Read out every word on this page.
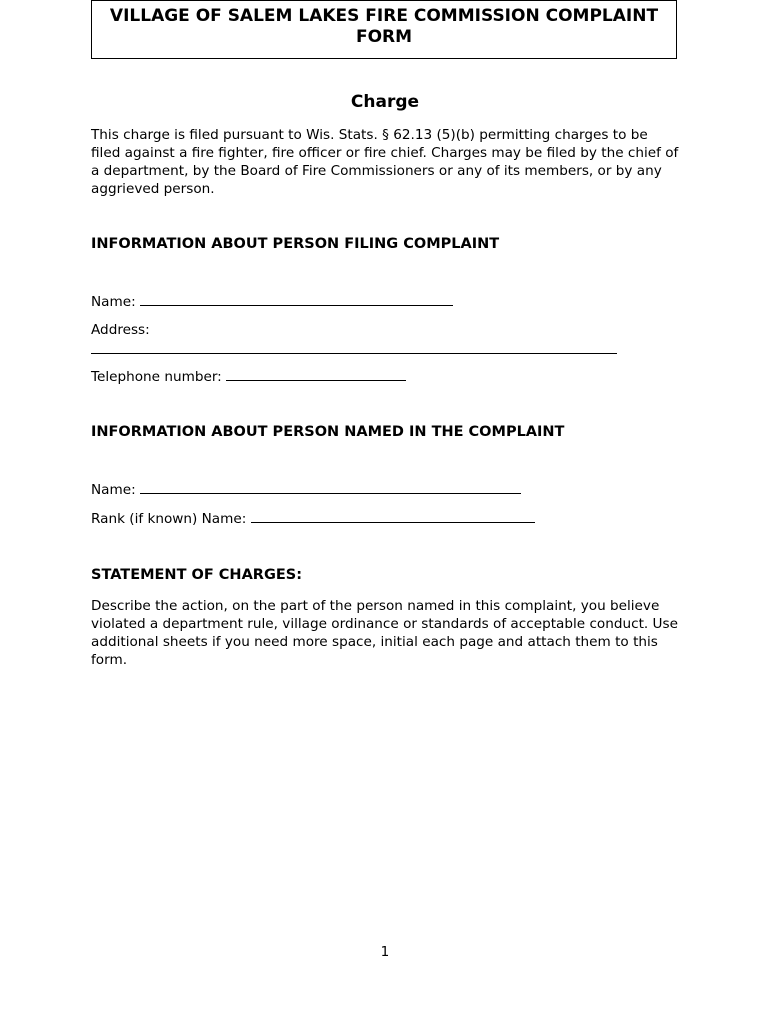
VILLAGE OF SALEM LAKES FIRE COMMISSION COMPLAINT FORM
Charge
This charge is filed pursuant to Wis. Stats. § 62.13 (5)(b) permitting charges to be filed against a fire fighter, fire officer or fire chief. Charges may be filed by the chief of a department, by the Board of Fire Commissioners or any of its members, or by any aggrieved person.
INFORMATION ABOUT PERSON FILING COMPLAINT
Name:
Address:
Telephone number:
INFORMATION ABOUT PERSON NAMED IN THE COMPLAINT
Name:
Rank (if known) Name:
STATEMENT OF CHARGES:
Describe the action, on the part of the person named in this complaint, you believe violated a department rule, village ordinance or standards of acceptable conduct. Use additional sheets if you need more space, initial each page and attach them to this form.
1
